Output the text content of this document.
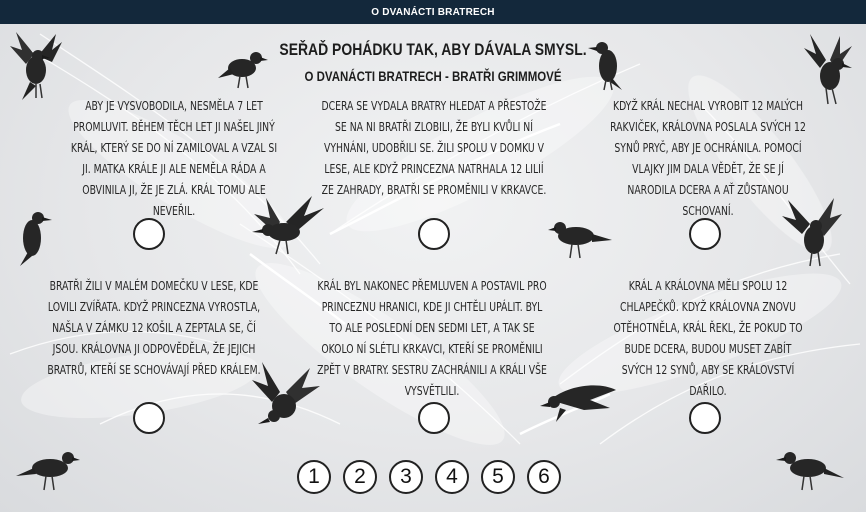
O DVANÁCTI BRATRECH
SEŘAĎ POHÁDKU TAK, ABY DÁVALA SMYSL.
O DVANÁCTI BRATRECH - BRATŘI GRIMMOVÉ
ABY JE VYSVOBODILA, NESMĚLA 7 LET PROMLUVIT. BĚHEM TĚCH LET JI NAŠEL JINÝ KRÁL, KTERÝ SE DO NÍ ZAMILOVAL A VZAL SI JI. MATKA KRÁLE JI ALE NEMĚLA RÁDA A OBVINILA JI, ŽE JE ZLÁ. KRÁL TOMU ALE NEVEŘIL.
DCERA SE VYDALA BRATRY HLEDAT A PŘESTOŽE SE NA NI BRATŘI ZLOBILI, ŽE BYLI KVŮLI NÍ VYHNÁNI, UDOBŘILI SE. ŽILI SPOLU V DOMKU V LESE, ALE KDYŽ PRINCEZNA NATRHALA 12 LILIÍ ZE ZAHRADY, BRATŘI SE PROMĚNILI V KRKAVCE.
KDYŽ KRÁL NECHAL VYROBIT 12 MALÝCH RAKVIČEK, KRÁLOVNA POSLALA SVÝCH 12 SYNŮ PRYČ, ABY JE OCHRÁNILA. POMOCÍ VLAJKY JIM DALA VĚDĚT, ŽE SE JÍ NARODILA DCERA A AŤ ZŮSTANOU SCHOVANÍ.
BRATŘI ŽILI V MALÉM DOMEČKU V LESE, KDE LOVILI ZVÍŘATA. KDYŽ PRINCEZNA VYROSTLA, NAŠLA V ZÁMKU 12 KOŠIL A ZEPTALA SE, ČÍ JSOU. KRÁLOVNA JI ODPOVĚDĚLA, ŽE JEJICH BRATRŮ, KTEŘÍ SE SCHOVÁVAJÍ PŘED KRÁLEM.
KRÁL BYL NAKONEC PŘEMLUVEN A POSTAVIL PRO PRINCEZNU HRANICI, KDE JI CHTĚLI UPÁLIT. BYL TO ALE POSLEDNÍ DEN SEDMI LET, A TAK SE OKOLO NÍ SLÉTLI KRKAVCI, KTEŘÍ SE PROMĚNILI ZPĚT V BRATRY. SESTRU ZACHRÁNILI A KRÁLI VŠE VYSVĚTLILI.
KRÁL A KRÁLOVNA MĚLI SPOLU 12 CHLAPEČKŮ. KDYŽ KRÁLOVNA ZNOVU OTĚHOTNĚLA, KRÁL ŘEKL, ŽE POKUD TO BUDE DCERA, BUDOU MUSET ZABÍT SVÝCH 12 SYNŮ, ABY SE KRÁLOVSTVÍ DAŘILO.
1	2	3	4	5	6
